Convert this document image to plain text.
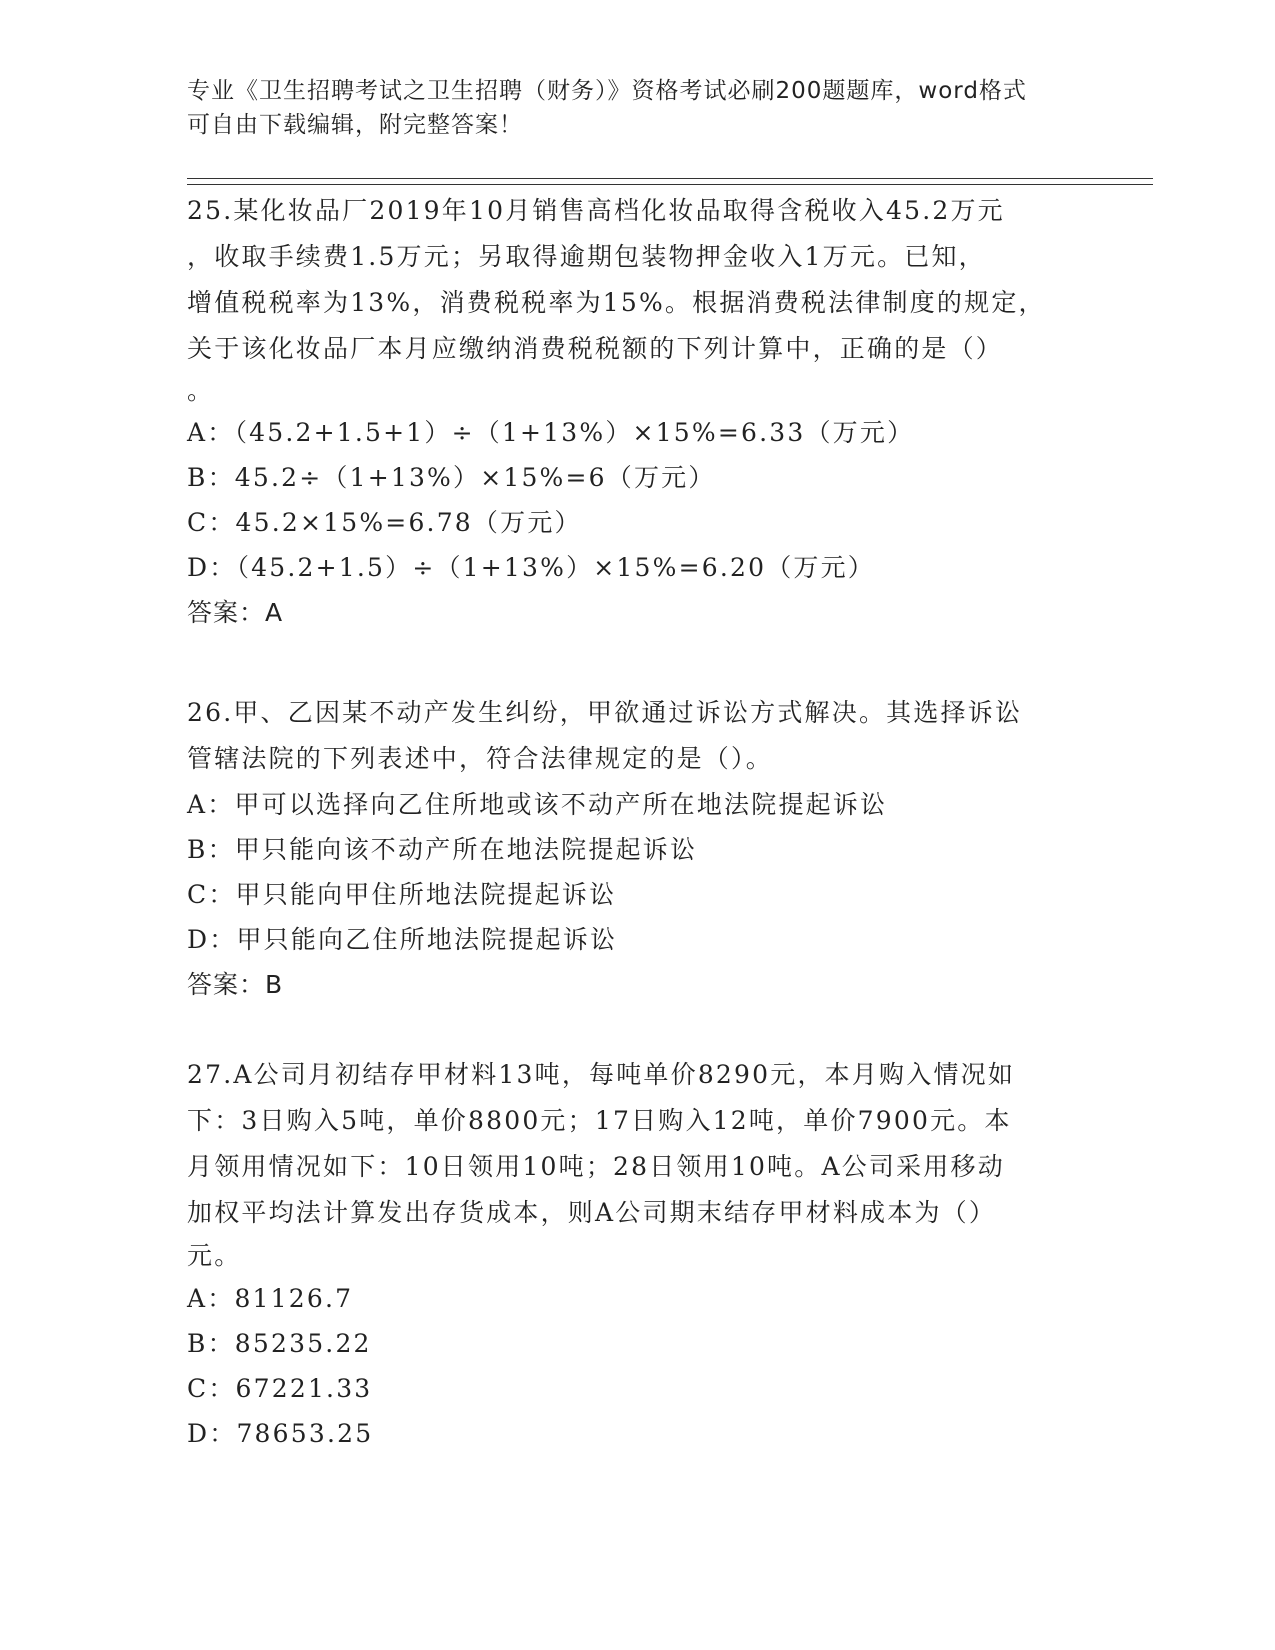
专业《卫生招聘考试之卫生招聘（财务）》资格考试必刷200题题库，word格式
可自由下载编辑，附完整答案！
25.某化妆品厂2019年10月销售高档化妆品取得含税收入45.2万元
，收取手续费1.5万元；另取得逾期包装物押金收入1万元。已知，
增值税税率为13%，消费税税率为15%。根据消费税法律制度的规定，
关于该化妆品厂本月应缴纳消费税税额的下列计算中，正确的是（）
。
A：（45.2+1.5+1）÷（1+13%）×15%=6.33（万元）
B：45.2÷（1+13%）×15%=6（万元）
C：45.2×15%=6.78（万元）
D：（45.2+1.5）÷（1+13%）×15%=6.20（万元）
答案：A
26.甲、乙因某不动产发生纠纷，甲欲通过诉讼方式解决。其选择诉讼
管辖法院的下列表述中，符合法律规定的是（）。
A：甲可以选择向乙住所地或该不动产所在地法院提起诉讼
B：甲只能向该不动产所在地法院提起诉讼
C：甲只能向甲住所地法院提起诉讼
D：甲只能向乙住所地法院提起诉讼
答案：B
27.A公司月初结存甲材料13吨，每吨单价8290元，本月购入情况如
下：3日购入5吨，单价8800元；17日购入12吨，单价7900元。本
月领用情况如下：10日领用10吨；28日领用10吨。A公司采用移动
加权平均法计算发出存货成本，则A公司期末结存甲材料成本为（）
元。
A：81126.7
B：85235.22
C：67221.33
D：78653.25
